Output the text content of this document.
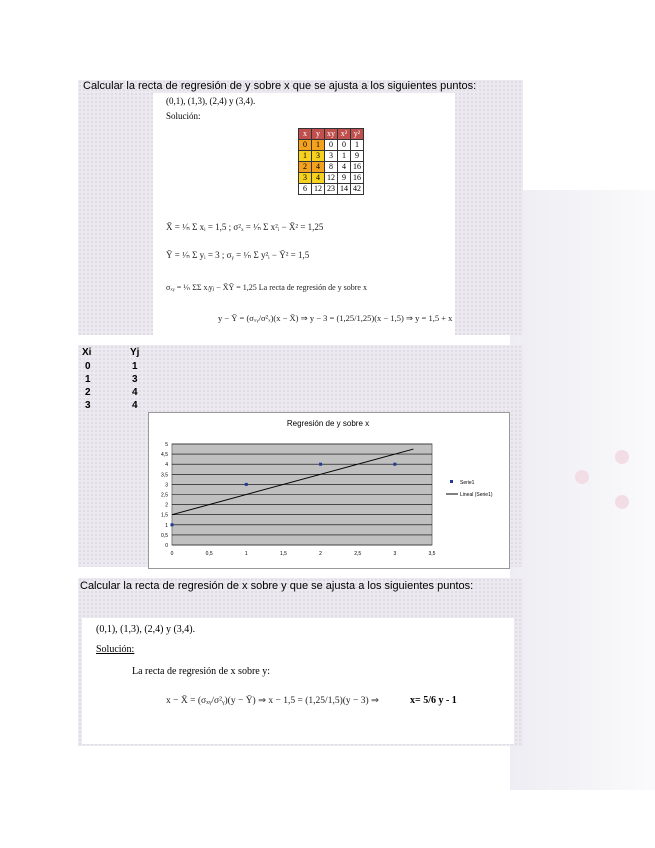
Calcular la recta de regresión de y sobre x que se ajusta a los siguientes puntos:
(0,1), (1,3), (2,4) y (3,4).
Solución:
x	y	xy	x²	y²
0	1	0	0	1
1	3	3	1	9
2	4	8	4	16
3	4	12	9	16
6	12	23	14	42
X̄ = ¹⁄ₙ Σ xᵢ = 1,5 ; σ²ₓ = ¹⁄ₙ Σ x²ᵢ − X̄² = 1,25
Ȳ = ¹⁄ₙ Σ yᵢ = 3 ; σᵧ = ¹⁄ₙ Σ y²ᵢ − Ȳ² = 1,5
σₓᵧ = ¹⁄ₙ ΣΣ xᵢyⱼ − X̄Ȳ = 1,25 La recta de regresión de y sobre x
y − Ȳ = (σₓᵧ/σ²ₓ)(x − X̄) ⇒ y − 3 = (1,25/1,25)(x − 1,5) ⇒ y = 1,5 + x
Xi	Yj
0	1
1	3
2	4
3	4
Regresión de y sobre x
0
0,5
1
1,5
2
2,5
3
3,5
4
4,5
5
0	0,5	1	1,5	2	2,5	3	3,5
Serie1
Lineal (Serie1)
Calcular la recta de regresión de x sobre y que se ajusta a los siguientes puntos:
(0,1), (1,3), (2,4) y (3,4).
Solución:
La recta de regresión de x sobre y:
x − X̄ = (σₓᵧ/σ²ᵧ)(y − Ȳ) ⇒ x − 1,5 = (1,25/1,5)(y − 3) ⇒	x= 5/6 y - 1
